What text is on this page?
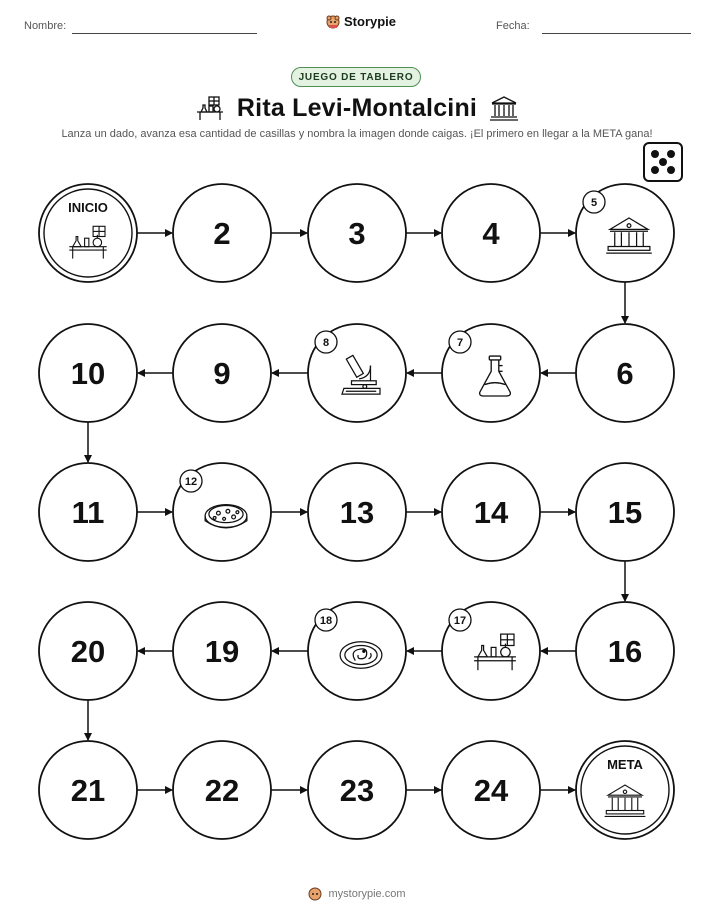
Nombre:	Storypie	Fecha:
JUEGO DE TABLERO
Rita Levi-Montalcini
Lanza un dado, avanza esa cantidad de casillas y nombra la imagen donde caigas. ¡El primero en llegar a la META gana!
INICIO
2	3	4
5
6
7
8
9
10
11
12
13	14	15
16
17
18
19
20
21	22	23	24
META
mystorypie.com
